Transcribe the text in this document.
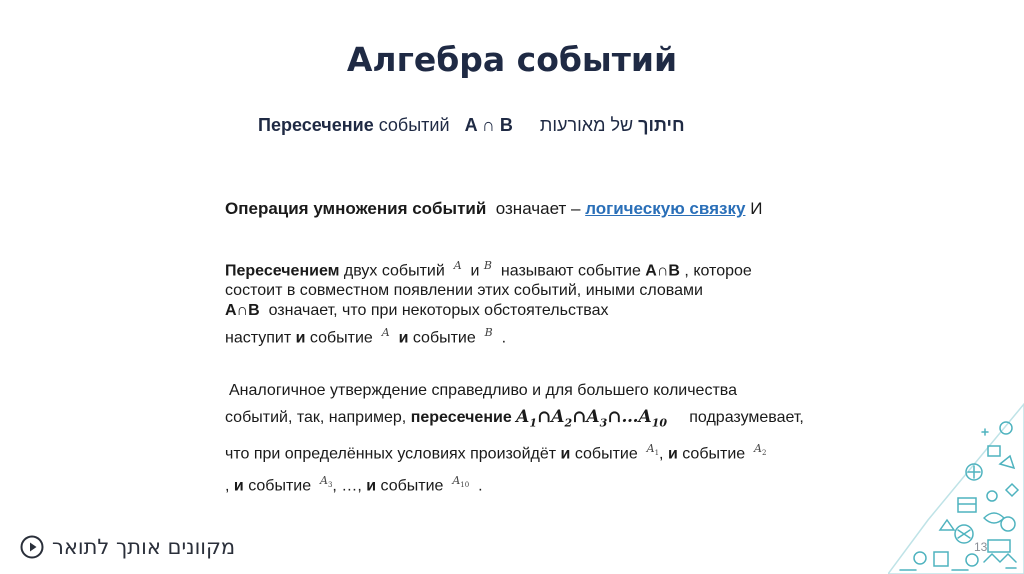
Алгебра событий
Пересечение событий A ∩ B	חיתוך של מאורעות
Операция умножения событий означает – логическую связку И
Пересечением двух событий $^A$ и $^B$ называют событие A∩B , которое
состоит в совместном появлении этих событий, иными словами
A∩B означает, что при некоторых обстоятельствах
наступит и событие $^A$ и событие $^B$ .
Аналогичное утверждение справедливо и для большего количества
событий, так, например, пересечение $A_1\cap A_2\cap A_3\cap\dots A_{10}$ подразумевает,
что при определённых условиях произойдёт и событие $^{A_1}$, и событие $^{A_2}$
, и событие $^{A_3}$, …, и событие $^{A_{10}}$ .
מקוונים אותך לתואר	13
